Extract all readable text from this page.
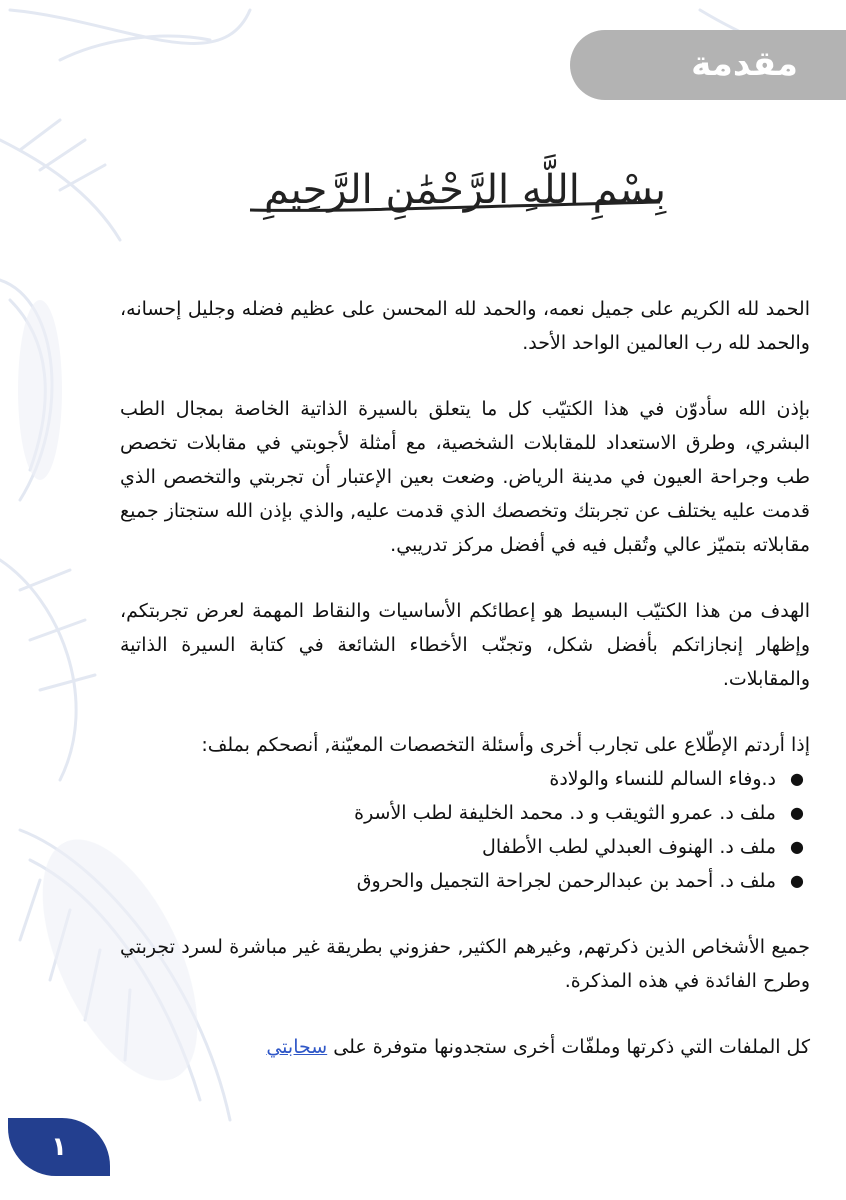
مقدمة
بِسْمِ اللَّهِ الرَّحْمَٰنِ الرَّحِيمِ

الحمد لله الكريم على جميل نعمه، والحمد لله المحسن على عظيم فضله وجليل إحسانه، والحمد لله رب العالمين الواحد الأحد.

بإذن الله سأدوّن في هذا الكتيّب كل ما يتعلق بالسيرة الذاتية الخاصة بمجال الطب البشري، وطرق الاستعداد للمقابلات الشخصية، مع أمثلة لأجوبتي في مقابلات تخصص طب وجراحة العيون في مدينة الرياض. وضعت بعين الإعتبار أن تجربتي والتخصص الذي قدمت عليه يختلف عن تجربتك وتخصصك الذي قدمت عليه, والذي بإذن الله ستجتاز جميع مقابلاته بتميّز عالي وتُقبل فيه في أفضل مركز تدريبي.

الهدف من هذا الكتيّب البسيط هو إعطائكم الأساسيات والنقاط المهمة لعرض تجربتكم، وإظهار إنجازاتكم بأفضل شكل، وتجنّب الأخطاء الشائعة في كتابة السيرة الذاتية والمقابلات.

إذا أردتم الإطّلاع على تجارب أخرى وأسئلة التخصصات المعيّنة, أنصحكم بملف:

●
د.وفاء السالم للنساء والولادة
●
ملف د. عمرو الثويقب و د. محمد الخليفة لطب الأسرة
●
ملف د. الهنوف العبدلي لطب الأطفال
●
ملف د. أحمد بن عبدالرحمن لجراحة التجميل والحروق

جميع الأشخاص الذين ذكرتهم, وغيرهم الكثير, حفزوني بطريقة غير مباشرة لسرد تجربتي وطرح الفائدة في هذه المذكرة.

كل الملفات التي ذكرتها وملفّات أخرى ستجدونها متوفرة على سحابتي

١
